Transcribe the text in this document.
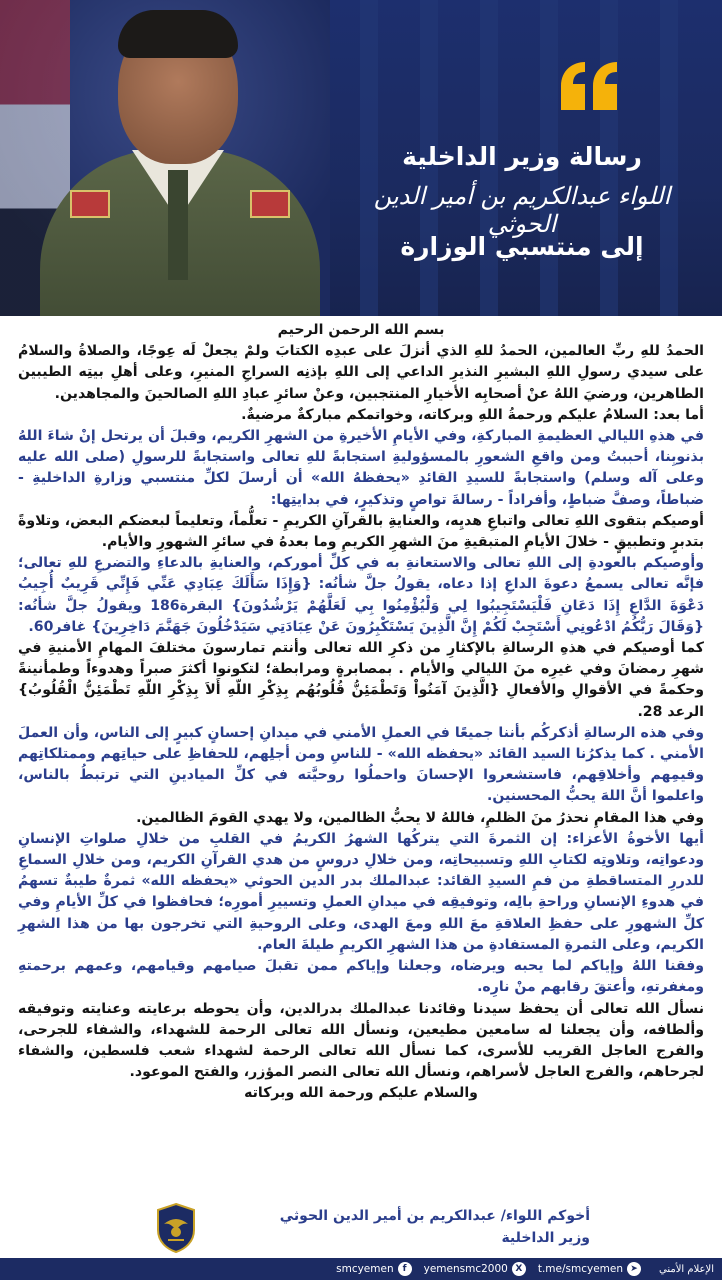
رسالة وزير الداخلية
اللواء عبدالكريم بن أمير الدين الحوثي
إلى منتسبي الوزارة

بسم الله الرحمن الرحيم

الحمدُ للهِ ربِّ العالمين، الحمدُ للهِ الذي أنزلَ على عبدِه الكتابَ ولمْ يجعلْ لَه عِوجًا، والصلاةُ والسلامُ على سيدي رسولِ اللهِ البشيرِ النذيرِ الداعي إلى اللهِ بإذنِه السراجِ المنيرِ، وعلى أهلِ بيتِه الطيبين الطاهرين، ورضيَ اللهُ عنْ أصحابِه الأخيارِ المنتجبين، وعنْ سائرِ عبادِ اللهِ الصالحينَ والمجاهدين.

أما بعد: السلامُ عليكم ورحمةُ اللهِ وبركاته، وخواتمكم مباركةٌ مرضيةٌ.

في هذهِ الليالي العظيمةِ المباركةِ، وفي الأيامِ الأخيرةِ من الشهرِ الكريم، وقبلَ أن يرتحل إنْ شاءَ اللهُ بذنوبِنا، أحببتُ ومن واقعِ الشعورِ بالمسؤوليةِ استجابةً للهِ تعالى واستجابةً للرسولِ (صلى الله عليه وعلى آله وسلم) واستجابةً للسيدِ القائدِ «يحفظهُ الله» أن أرسلَ لكلِّ منتسبي وزارةِ الداخليةِ - ضباطاً، وصفَّ ضباطٍ، وأفراداً - رسالةَ تواصٍ وتذكيرٍ، في بدايتِها:

أوصيكم بتقوى اللهِ تعالى واتباعِ هديِه، والعنايةِ بالقرآنِ الكريمِ - تعلُّماً، وتعليماً لبعضكم البعض، وتلاوةً بتدبرٍ وتطبيقٍ - خلالَ الأيامِ المتبقيةِ منَ الشهرِ الكريمِ وما بعدهُ في سائرِ الشهورِ والأيام.

وأوصيكم بالعودةِ إلى اللهِ تعالى والاستعانةِ به في كلِّ أموركم، والعنايةِ بالدعاءِ والتضرعِ للهِ تعالى؛ فإنَّه تعالى يسمعُ دعوةَ الداعِ إذا دعاه، يقولُ جلَّ شأنُه: {وَإِذَا سَأَلَكَ عِبَادِي عَنِّي فَإِنِّي قَرِيبٌ أُجِيبُ دَعْوَةَ الدَّاعِ إِذَا دَعَانِ فَلْيَسْتَجِيبُوا لِي وَلْيُؤْمِنُوا بِي لَعَلَّهُمْ يَرْشُدُونَ} البقرة186 ويقولُ جلَّ شأنُه: {وَقَالَ رَبُّكُمُ ادْعُونِي أَسْتَجِبْ لَكُمْ إِنَّ الَّذِينَ يَسْتَكْبِرُونَ عَنْ عِبَادَتِي سَيَدْخُلُونَ جَهَنَّمَ دَاخِرِينَ} غافر60.

كما أوصيكم في هذهِ الرسالةِ بالإكثارِ من ذكرِ الله تعالى وأنتم تمارسونَ مختلفَ المهامِ الأمنيةِ في شهرِ رمضانَ وفي غيرِه منَ الليالي والأيام . بمصابرةٍ ومرابطة؛ لتكونوا أكثرَ صبراً وهدوءاً وطمأنينةً وحكمةً في الأقوالِ والأفعالِ {الَّذِينَ آمَنُواْ وَتَطْمَئِنُّ قُلُوبُهُم بِذِكْرِ اللّهِ أَلاَ بِذِكْرِ اللّهِ تَطْمَئِنُّ الْقُلُوبُ} الرعد 28.

وفي هذه الرسالةِ أذكركُم بأننا جميعًا في العملِ الأمني في ميدانِ إحسانٍ كبيرٍ إلى الناس، وأن العملَ الأمني . كما يذكرُنا السيد القائد «يحفظه الله» - للناسِ ومن أجلِهم، للحفاظِ على حياتِهم وممتلكاتِهم وقيمِهم وأخلاقِهم، فاستشعروا الإحسانَ واحملُوا روحيَّته في كلِّ الميادينِ التي ترتبطُ بالناس، واعلموا أنَّ اللهَ يحبُّ المحسنين.

وفي هذا المقامِ نحذرُ منَ الظلمِ، فاللهُ لا يحبُّ الظالمين، ولا يهدي القومَ الظالمين.

أيها الأخوةُ الأعزاء: إن الثمرةَ التي يتركُها الشهرُ الكريمُ في القلبِ من خلالِ صلواتِ الإنسانِ ودعواتِه، وتلاوتِه لكتابِ اللهِ وتسبيحاتِه، ومن خلالِ دروسٍ من هدي القرآنِ الكريم، ومن خلالِ السماعِ للدررِ المتساقطةِ من فمِ السيدِ القائد: عبدالملك بدر الدين الحوثي «يحفظه الله» ثمرةٌ طيبةٌ تسهمُ في هدوءِ الإنسانِ وراحةِ بالِه، وتوفيقِه في ميدانِ العملِ وتسييرِ أمورِه؛ فحافظوا في كلِّ الأيامِ وفي كلِّ الشهورِ على حفظِ العلاقةِ معَ اللهِ ومعَ الهدى، وعلى الروحيةِ التي تخرجون بها من هذا الشهرِ الكريم، وعلى الثمرةِ المستفادةِ من هذا الشهرِ الكريمِ طيلةَ العام.

وفقنا اللهُ وإياكم لما يحبه ويرضاه، وجعلنا وإياكم ممن تقبلَ صيامهم وقيامهم، وعمهم برحمتهِ ومغفرتهِ، وأعتقَ رقابهم منْ نارِه.

نسأل الله تعالى أن يحفظ سيدنا وقائدنا عبدالملك بدرالدين، وأن يحوطه برعايته وعنايته وتوفيقه وألطافه، وأن يجعلنا له سامعين مطيعين، ونسأل الله تعالى الرحمة للشهداء، والشفاء للجرحى، والفرج العاجل القريب للأسرى، كما نسأل الله تعالى الرحمة لشهداء شعب فلسطين، والشفاء لجرحاهم، والفرج العاجل لأسراهم، ونسأل الله تعالى النصر المؤزر، والفتح الموعود.

والسلام عليكم ورحمة الله وبركاته

أخوكم اللواء/ عبدالكريم بن أمير الدين الحوثي
وزير الداخلية
smcyemen	f	yemensmc2000 X	t.me/smcyemen ➤	الإعلام الأمني
